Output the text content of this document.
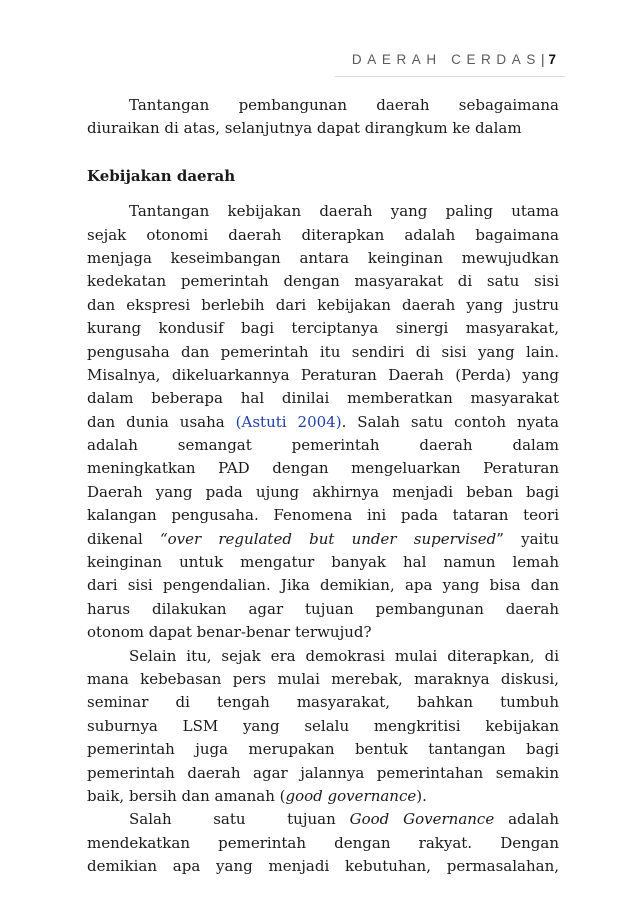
DAERAH CERDAS | 7
Tantangan pembangunan daerah sebagaimana
diuraikan di atas, selanjutnya dapat dirangkum ke dalam
Kebijakan daerah
Tantangan kebijakan daerah yang paling utama
sejak otonomi daerah diterapkan adalah bagaimana
menjaga keseimbangan antara keinginan mewujudkan
kedekatan pemerintah dengan masyarakat di satu sisi
dan ekspresi berlebih dari kebijakan daerah yang justru
kurang kondusif bagi terciptanya sinergi masyarakat,
pengusaha dan pemerintah itu sendiri di sisi yang lain.
Misalnya, dikeluarkannya Peraturan Daerah (Perda) yang
dalam beberapa hal dinilai memberatkan masyarakat
dan dunia usaha (Astuti 2004). Salah satu contoh nyata
adalah semangat pemerintah daerah dalam
meningkatkan PAD dengan mengeluarkan Peraturan
Daerah yang pada ujung akhirnya menjadi beban bagi
kalangan pengusaha. Fenomena ini pada tataran teori
dikenal “over regulated but under supervised” yaitu
keinginan untuk mengatur banyak hal namun lemah
dari sisi pengendalian. Jika demikian, apa yang bisa dan
harus dilakukan agar tujuan pembangunan daerah
otonom dapat benar-benar terwujud?
Selain itu, sejak era demokrasi mulai diterapkan, di
mana kebebasan pers mulai merebak, maraknya diskusi,
seminar di tengah masyarakat, bahkan tumbuh
suburnya LSM yang selalu mengkritisi kebijakan
pemerintah juga merupakan bentuk tantangan bagi
pemerintah daerah agar jalannya pemerintahan semakin
baik, bersih dan amanah (good governance).
Salah   satu   tujuan Good Governance adalah
mendekatkan pemerintah dengan rakyat. Dengan
demikian apa yang menjadi kebutuhan, permasalahan,
